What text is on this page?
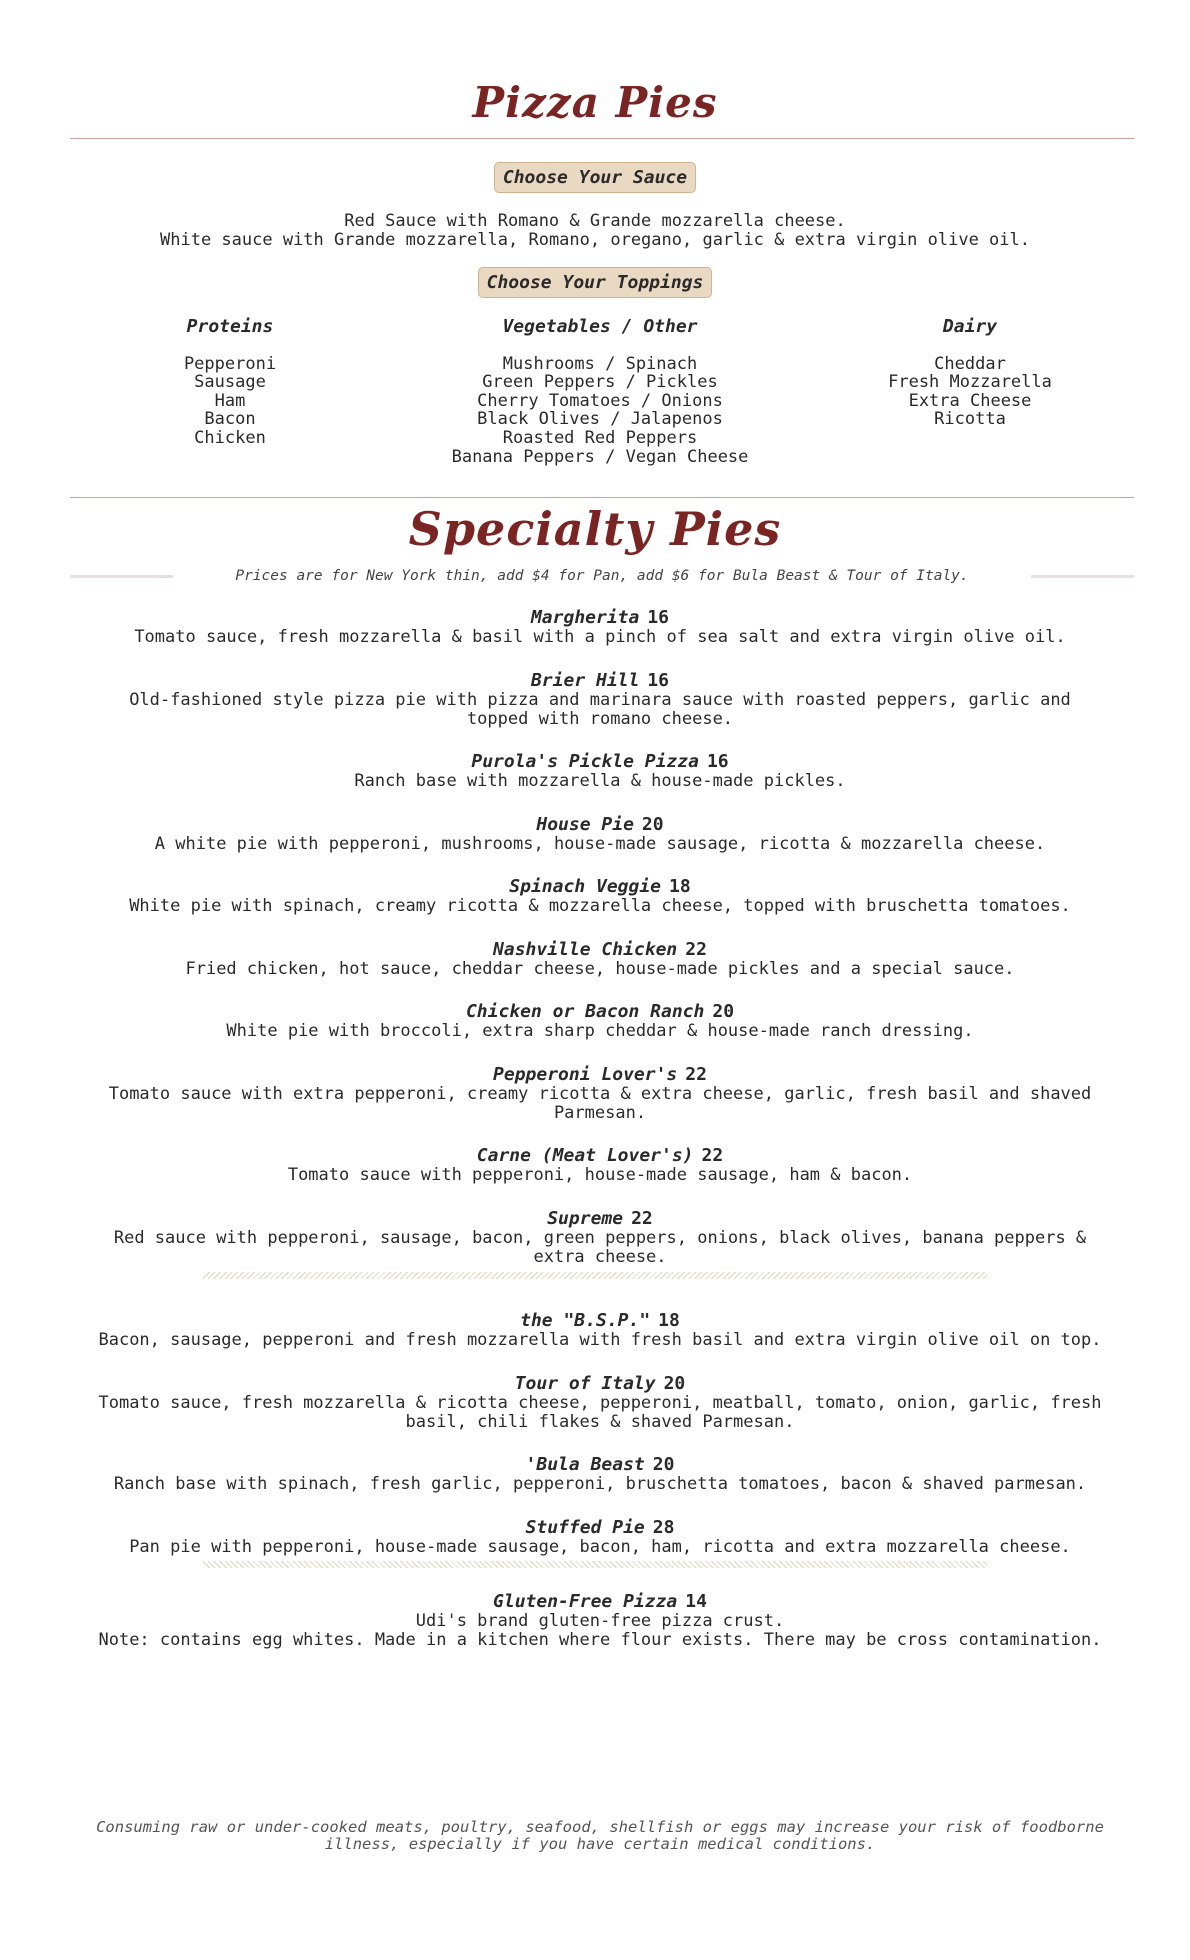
Pizza Pies
Choose Your Sauce
Red Sauce with Romano & Grande mozzarella cheese.
White sauce with Grande mozzarella, Romano, oregano, garlic & extra virgin olive oil.
Choose Your Toppings
Proteins
Pepperoni
Sausage
Ham
Bacon
Chicken
Vegetables / Other
Mushrooms / Spinach
Green Peppers / Pickles
Cherry Tomatoes / Onions
Black Olives / Jalapenos
Roasted Red Peppers
Banana Peppers / Vegan Cheese
Dairy
Cheddar
Fresh Mozzarella
Extra Cheese
Ricotta
Specialty Pies
Prices are for New York thin, add $4 for Pan, add $6 for Bula Beast & Tour of Italy.
Margherita 16
Tomato sauce, fresh mozzarella & basil with a pinch of sea salt and extra virgin olive oil.
Brier Hill 16
Old-fashioned style pizza pie with pizza and marinara sauce with roasted peppers, garlic and
topped with romano cheese.
Purola's Pickle Pizza 16
Ranch base with mozzarella & house-made pickles.
House Pie 20
A white pie with pepperoni, mushrooms, house-made sausage, ricotta & mozzarella cheese.
Spinach Veggie 18
White pie with spinach, creamy ricotta & mozzarella cheese, topped with bruschetta tomatoes.
Nashville Chicken 22
Fried chicken, hot sauce, cheddar cheese, house-made pickles and a special sauce.
Chicken or Bacon Ranch 20
White pie with broccoli, extra sharp cheddar & house-made ranch dressing.
Pepperoni Lover's 22
Tomato sauce with extra pepperoni, creamy ricotta & extra cheese, garlic, fresh basil and shaved
Parmesan.
Carne (Meat Lover's) 22
Tomato sauce with pepperoni, house-made sausage, ham & bacon.
Supreme 22
Red sauce with pepperoni, sausage, bacon, green peppers, onions, black olives, banana peppers &
extra cheese.
the "B.S.P." 18
Bacon, sausage, pepperoni and fresh mozzarella with fresh basil and extra virgin olive oil on top.
Tour of Italy 20
Tomato sauce, fresh mozzarella & ricotta cheese, pepperoni, meatball, tomato, onion, garlic, fresh
basil, chili flakes & shaved Parmesan.
'Bula Beast 20
Ranch base with spinach, fresh garlic, pepperoni, bruschetta tomatoes, bacon & shaved parmesan.
Stuffed Pie 28
Pan pie with pepperoni, house-made sausage, bacon, ham, ricotta and extra mozzarella cheese.
Gluten-Free Pizza 14
Udi's brand gluten-free pizza crust.
Note: contains egg whites. Made in a kitchen where flour exists. There may be cross contamination.
Consuming raw or under-cooked meats, poultry, seafood, shellfish or eggs may increase your risk of foodborne
illness, especially if you have certain medical conditions.
